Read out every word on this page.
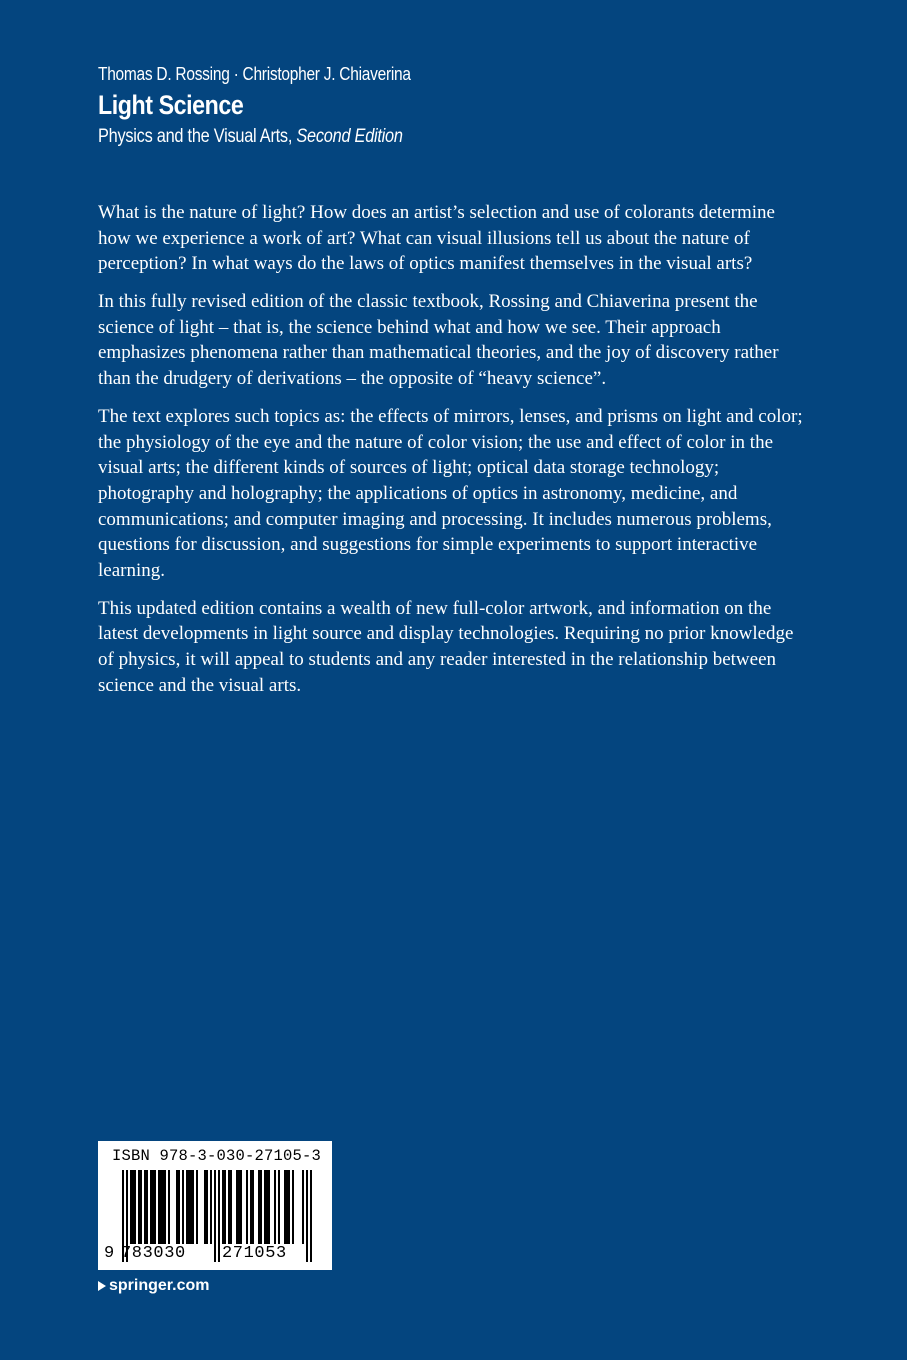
Thomas D. Rossing · Christopher J. Chiaverina
Light Science
Physics and the Visual Arts, Second Edition

What is the nature of light? How does an artist’s selection and use of colorants determine how we experience a work of art? What can visual illusions tell us about the nature of perception? In what ways do the laws of optics manifest themselves in the visual arts?

In this fully revised edition of the classic textbook, Rossing and Chiaverina present the science of light – that is, the science behind what and how we see. Their approach emphasizes phenomena rather than mathematical theories, and the joy of discovery rather than the drudgery of derivations – the opposite of “heavy science”.

The text explores such topics as: the effects of mirrors, lenses, and prisms on light and color; the physiology of the eye and the nature of color vision; the use and effect of color in the visual arts; the different kinds of sources of light; optical data storage technology; photography and holography; the applications of optics in astronomy, medicine, and communications; and computer imaging and processing. It includes numerous problems, questions for discussion, and suggestions for simple experiments to support interactive learning.

This updated edition contains a wealth of new full-color artwork, and information on the latest developments in light source and display technologies. Requiring no prior knowledge of physics, it will appeal to students and any reader interested in the relationship between science and the visual arts.

ISBN 978-3-030-27105-3
9 783030 271053
springer.com
